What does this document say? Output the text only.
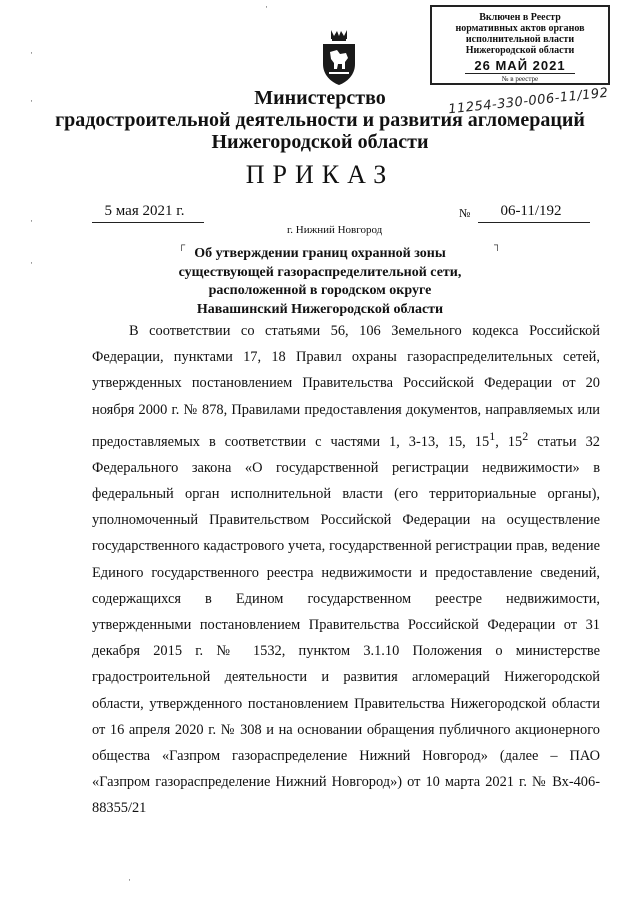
Включен в Реестр
нормативных актов органов
исполнительной власти
Нижегородской области
26 МАЙ 2021
№ в реестре
11254-330-006-11/192
Министерство
градостроительной деятельности и развития агломераций
Нижегородской области
ПРИКАЗ
5 мая 2021 г.
г. Нижний Новгород
№	06-11/192
┌	┐
Об утверждении границ охранной зоны
существующей газораспределительной сети,
расположенной в городском округе
Навашинский Нижегородской области
В соответствии со статьями 56, 106 Земельного кодекса Российской Федерации, пунктами 17, 18 Правил охраны газораспределительных сетей, утвержденных постановлением Правительства Российской Федерации от 20 ноября 2000 г. № 878, Правилами предоставления документов, направляемых или предоставляемых в соответствии с частями 1, 3-13, 15, $15^1$, $15^2$ статьи 32 Федерального закона «О государственной регистрации недвижимости» в федеральный орган исполнительной власти (его территориальные органы), уполномоченный Правительством Российской Федерации на осуществление государственного кадастрового учета, государственной регистрации прав, ведение Единого государственного реестра недвижимости и предоставление сведений, содержащихся в Едином государственном реестре недвижимости, утвержденными постановлением Правительства Российской Федерации от 31 декабря 2015 г. № 1532, пунктом 3.1.10 Положения о министерстве градостроительной деятельности и развития агломераций Нижегородской области, утвержденного постановлением Правительства Нижегородской области от 16 апреля 2020 г. № 308 и на основании обращения публичного акционерного общества «Газпром газораспределение Нижний Новгород» (далее – ПАО «Газпром газораспределение Нижний Новгород») от 10 марта 2021 г. № Вх-406-88355/21
·
·
·
·
·
·
